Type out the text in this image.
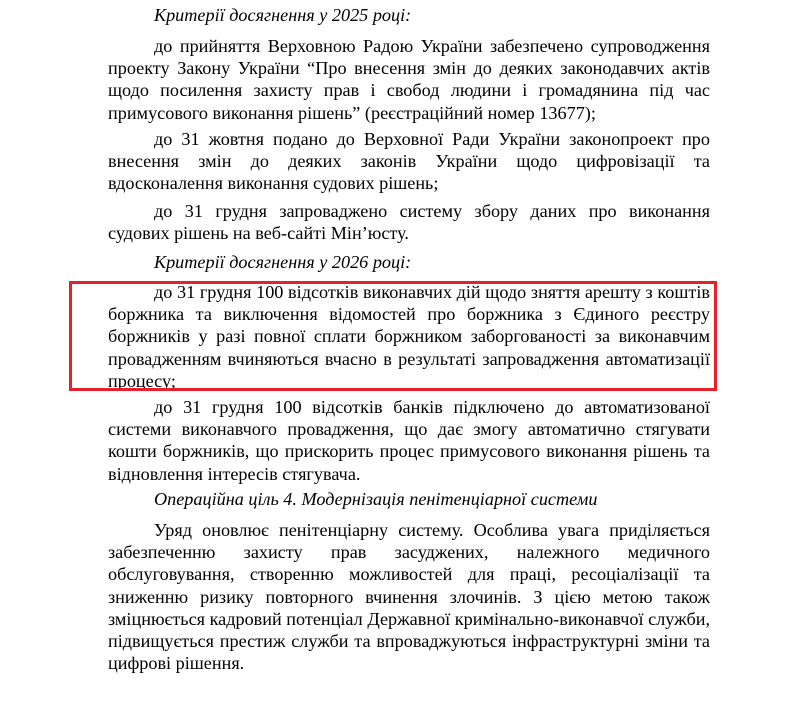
Критерії досягнення у 2025 році:
до прийняття Верховною Радою України забезпечено супроводження проекту Закону України “Про внесення змін до деяких законодавчих актів щодо посилення захисту прав і свобод людини і громадянина під час примусового виконання рішень” (реєстраційний номер 13677);
до 31 жовтня подано до Верховної Ради України законопроект про внесення змін до деяких законів України щодо цифровізації та вдосконалення виконання судових рішень;
до 31 грудня запроваджено систему збору даних про виконання судових рішень на веб-сайті Мін’юсту.
Критерії досягнення у 2026 році:
до 31 грудня 100 відсотків виконавчих дій щодо зняття арешту з коштів боржника та виключення відомостей про боржника з Єдиного реєстру боржників у разі повної сплати боржником заборгованості за виконавчим провадженням вчиняються вчасно в результаті запровадження автоматизації процесу;
до 31 грудня 100 відсотків банків підключено до автоматизованої системи виконавчого провадження, що дає змогу автоматично стягувати кошти боржників, що прискорить процес примусового виконання рішень та відновлення інтересів стягувача.
Операційна ціль 4. Модернізація пенітенціарної системи
Уряд оновлює пенітенціарну систему. Особлива увага приділяється забезпеченню захисту прав засуджених, належного медичного обслуговування, створенню можливостей для праці, ресоціалізації та зниженню ризику повторного вчинення злочинів. З цією метою також зміцнюється кадровий потенціал Державної кримінально-виконавчої служби, підвищується престиж служби та впроваджуються інфраструктурні зміни та цифрові рішення.
